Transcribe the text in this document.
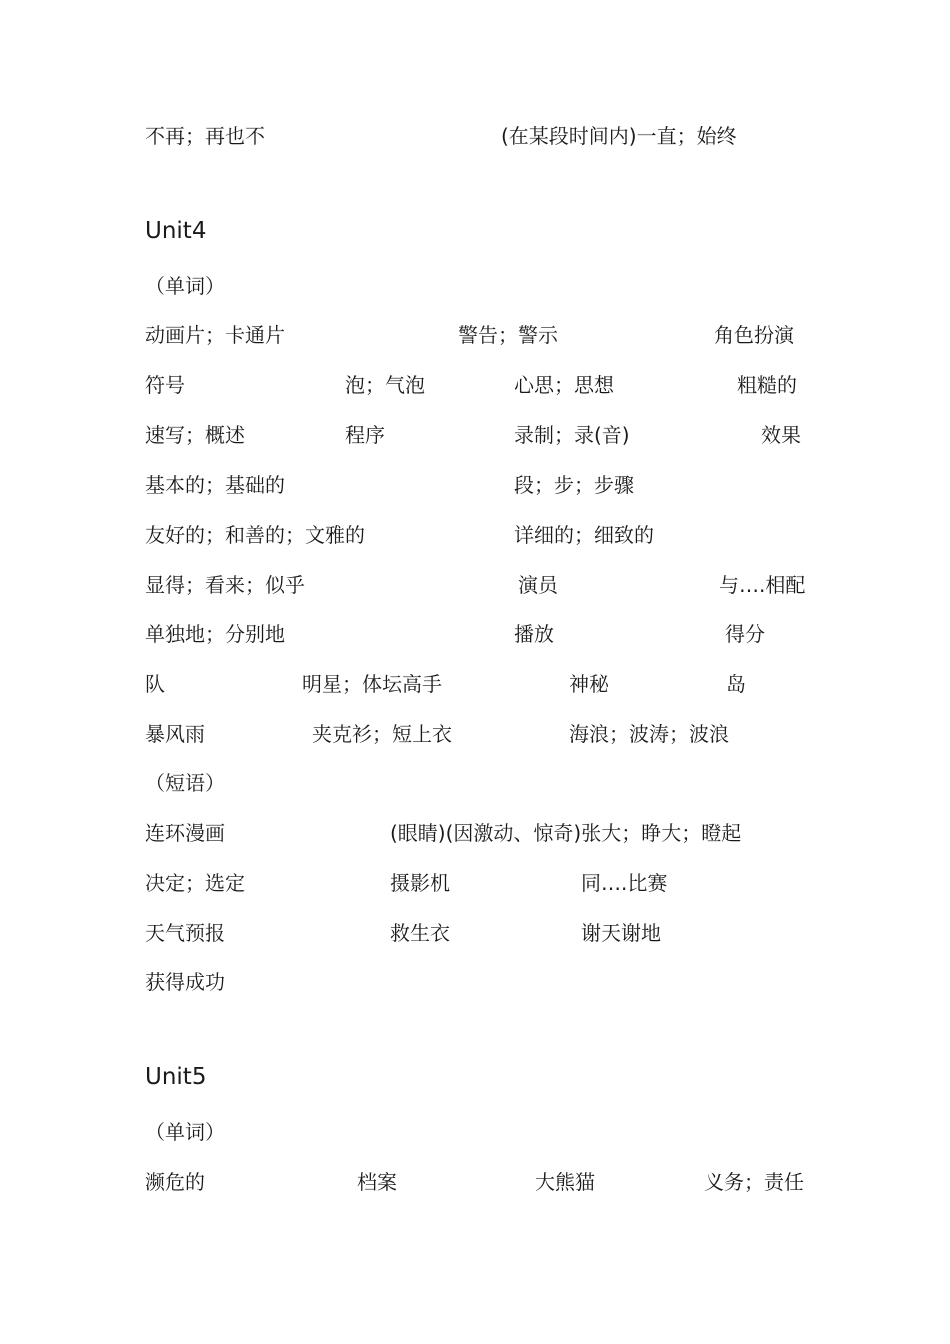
不再；再也不	(在某段时间内)一直；始终
Unit4
（单词）
动画片；卡通片	警告；警示	角色扮演
符号	泡；气泡	心思；思想	粗糙的
速写；概述	程序	录制；录(音)	效果
基本的；基础的	段；步；步骤
友好的；和善的；文雅的	详细的；细致的
显得；看来；似乎	演员	与….相配
单独地；分别地	播放	得分
队	明星；体坛高手	神秘	岛
暴风雨	夹克衫；短上衣	海浪；波涛；波浪
（短语）
连环漫画	(眼睛)(因激动、惊奇)张大；睁大；瞪起
决定；选定	摄影机	同….比赛
天气预报	救生衣	谢天谢地
获得成功
Unit5
（单词）
濒危的	档案	大熊猫	义务；责任
